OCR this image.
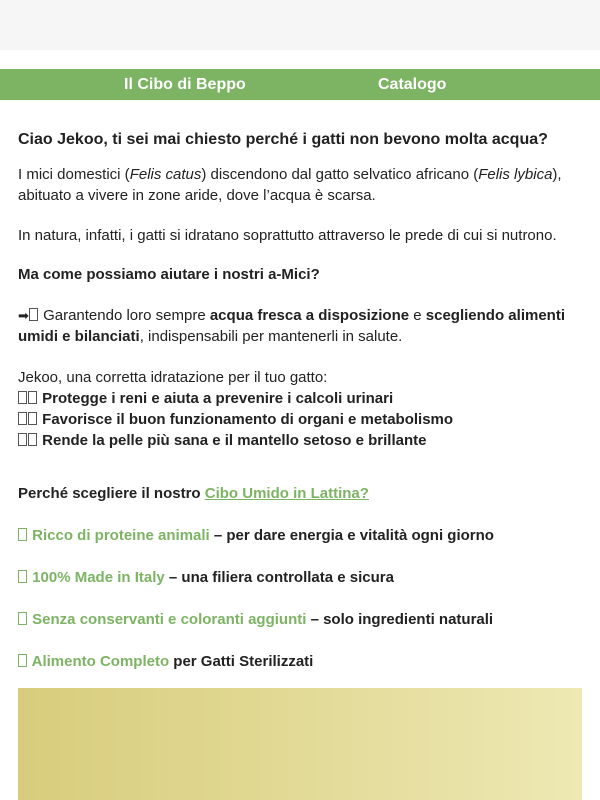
Il Cibo di Beppo	Catalogo

Ciao Jekoo, ti sei mai chiesto perché i gatti non bevono molta acqua?

I mici domestici (Felis catus) discendono dal gatto selvatico africano (Felis lybica), abituato a vivere in zone aride, dove l’acqua è scarsa.

In natura, infatti, i gatti si idratano soprattutto attraverso le prede di cui si nutrono.

Ma come possiamo aiutare i nostri a-Mici?

➡ Garantendo loro sempre acqua fresca a disposizione e scegliendo alimenti umidi e bilanciati, indispensabili per mantenerli in salute.

Jekoo, una corretta idratazione per il tuo gatto:

Protegge i reni e aiuta a prevenire i calcoli urinari

Favorisce il buon funzionamento di organi e metabolismo

Rende la pelle più sana e il mantello setoso e brillante

Perché scegliere il nostro Cibo Umido in Lattina?

Ricco di proteine animali – per dare energia e vitalità ogni giorno

100% Made in Italy – una filiera controllata e sicura

Senza conservanti e coloranti aggiunti – solo ingredienti naturali

Alimento Completo per Gatti Sterilizzati
